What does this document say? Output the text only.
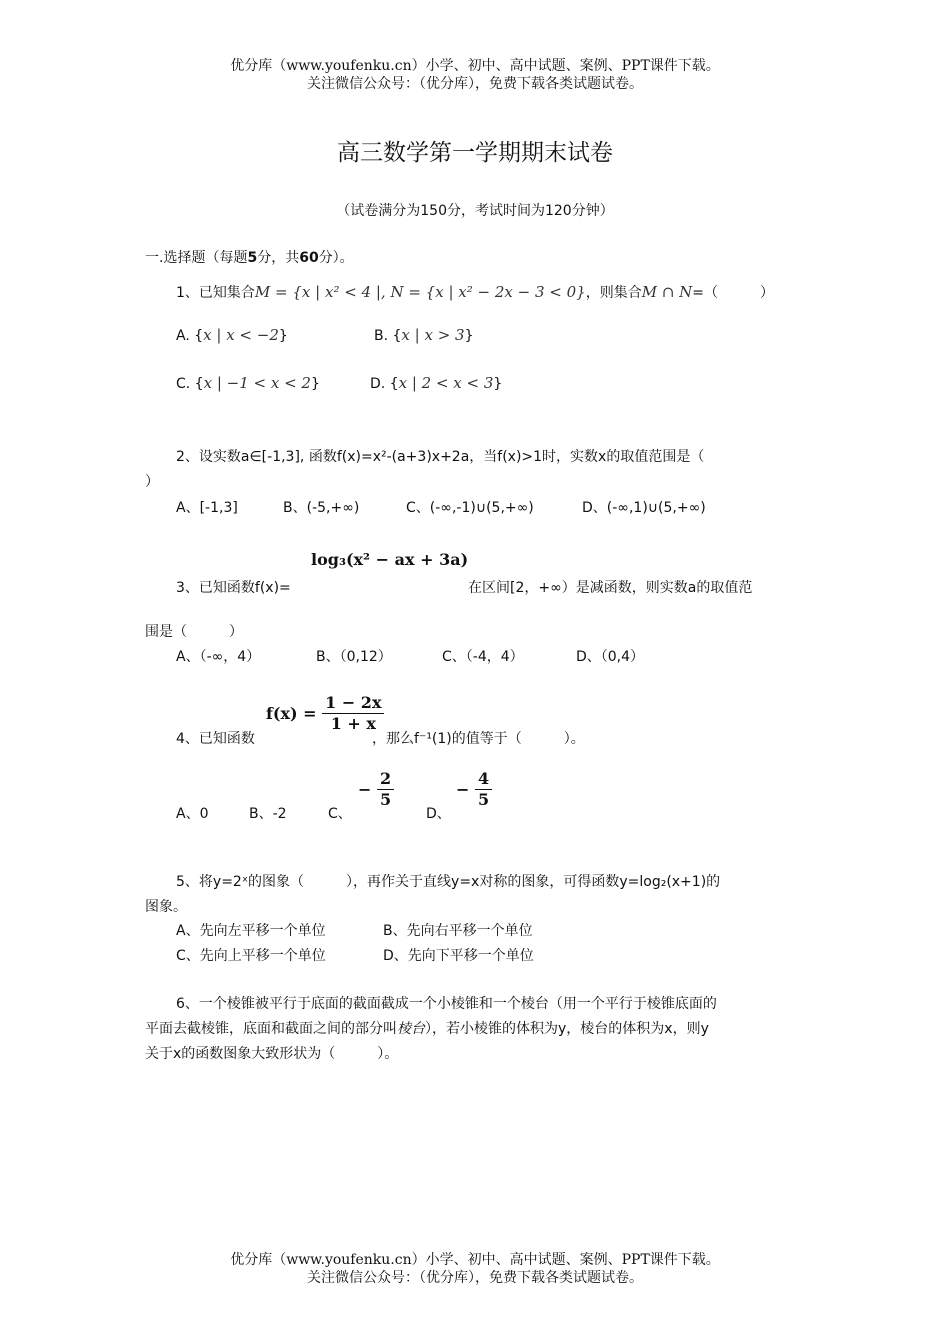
优分库（www.youfenku.cn）小学、初中、高中试题、案例、PPT课件下载。
关注微信公众号：（优分库），免费下载各类试题试卷。
高三数学第一学期期末试卷
（试卷满分为150分，考试时间为120分钟）
一.选择题（每题5分，共60分）。
1、已知集合M = {x | x² < 4 |, N = {x | x² − 2x − 3 < 0}，则集合M ∩ N=（　　　）
A. {x | x < −2}	B. {x | x > 3}
C. {x | −1 < x < 2}	D. {x | 2 < x < 3}
2、设实数a∈[-1,3], 函数f(x)=x²-(a+3)x+2a，当f(x)>1时，实数x的取值范围是（
）
A、[-1,3]	B、(-5,+∞)	C、(-∞,-1)∪(5,+∞)	D、(-∞,1)∪(5,+∞)
log₃(x² − ax + 3a)
3、已知函数f(x)=	在区间[2，+∞）是减函数，则实数a的取值范
围是（　　　）
A、（-∞，4）	B、（0,12）	C、（-4，4）	D、（0,4）
4、已知函数
$f(x) = \frac{1 - 2x}{1 + x}$
，那么f⁻¹(1)的值等于（　　　）。
A、0	B、-2	C、
− $\frac{2}{5}$
D、
− $\frac{4}{5}$
5、将y=2ˣ的图象（　　　），再作关于直线y=x对称的图象，可得函数y=log₂(x+1)的
图象。
A、先向左平移一个单位	B、先向右平移一个单位
C、先向上平移一个单位	D、先向下平移一个单位
6、一个棱锥被平行于底面的截面截成一个小棱锥和一个棱台（用一个平行于棱锥底面的
平面去截棱锥，底面和截面之间的部分叫棱台），若小棱锥的体积为y，棱台的体积为x，则y
关于x的函数图象大致形状为（　　　）。
优分库（www.youfenku.cn）小学、初中、高中试题、案例、PPT课件下载。
关注微信公众号：（优分库），免费下载各类试题试卷。
